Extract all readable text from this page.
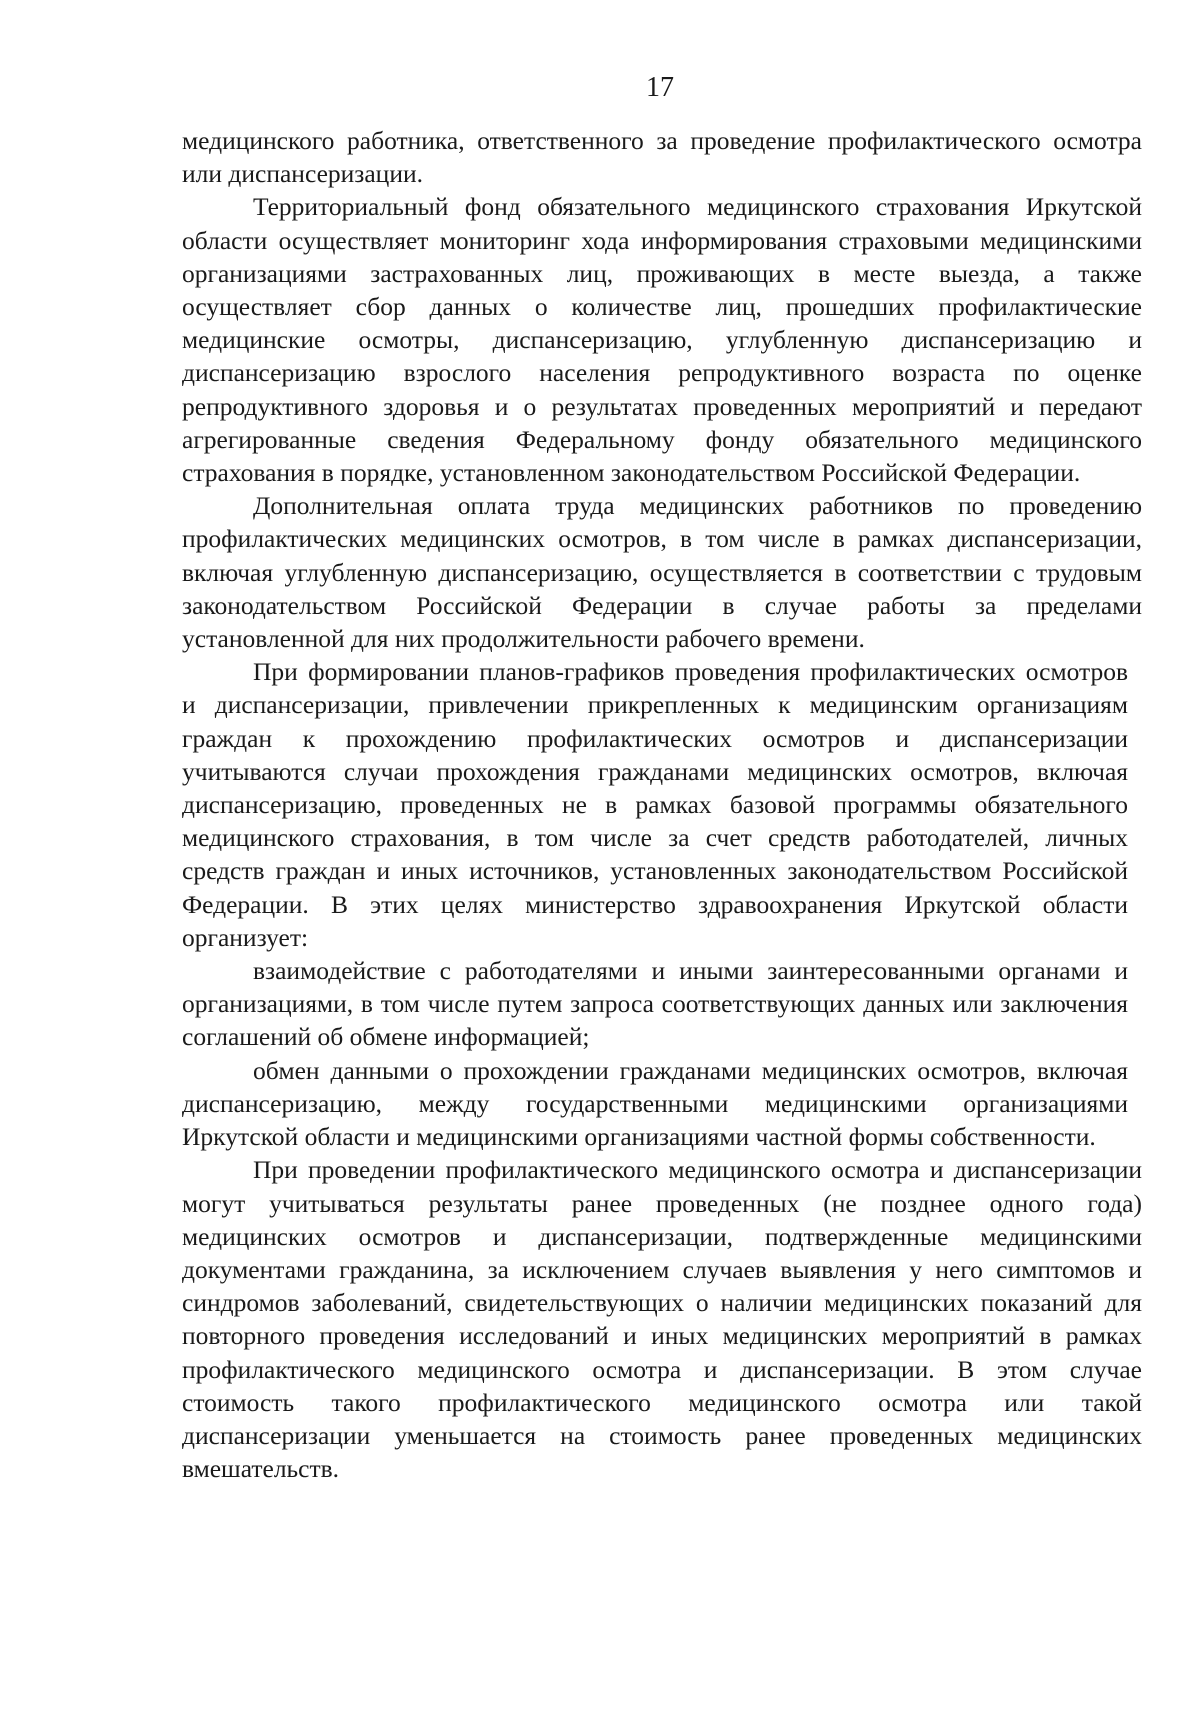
17

медицинского работника, ответственного за проведение профилактического осмотра или диспансеризации.

Территориальный фонд обязательного медицинского страхования Иркутской области осуществляет мониторинг хода информирования страховыми медицинскими организациями застрахованных лиц, проживающих в месте выезда, а также осуществляет сбор данных о количестве лиц, прошедших профилактические медицинские осмотры, диспансеризацию, углубленную диспансеризацию и диспансеризацию взрослого населения репродуктивного возраста по оценке репродуктивного здоровья и о результатах проведенных мероприятий и передают агрегированные сведения Федеральному фонду обязательного медицинского страхования в порядке, установленном законодательством Российской Федерации.

Дополнительная оплата труда медицинских работников по проведению профилактических медицинских осмотров, в том числе в рамках диспансеризации, включая углубленную диспансеризацию, осуществляется в соответствии с трудовым законодательством Российской Федерации в случае работы за пределами установленной для них продолжительности рабочего времени.

При формировании планов-графиков проведения профилактических осмотров и диспансеризации, привлечении прикрепленных к медицинским организациям граждан к прохождению профилактических осмотров и диспансеризации учитываются случаи прохождения гражданами медицинских осмотров, включая диспансеризацию, проведенных не в рамках базовой программы обязательного медицинского страхования, в том числе за счет средств работодателей, личных средств граждан и иных источников, установленных законодательством Российской Федерации. В этих целях министерство здравоохранения Иркутской области организует:

взаимодействие с работодателями и иными заинтересованными органами и организациями, в том числе путем запроса соответствующих данных или заключения соглашений об обмене информацией;

обмен данными о прохождении гражданами медицинских осмотров, включая диспансеризацию, между государственными медицинскими организациями Иркутской области и медицинскими организациями частной формы собственности.

При проведении профилактического медицинского осмотра и диспансеризации могут учитываться результаты ранее проведенных (не позднее одного года) медицинских осмотров и диспансеризации, подтвержденные медицинскими документами гражданина, за исключением случаев выявления у него симптомов и синдромов заболеваний, свидетельствующих о наличии медицинских показаний для повторного проведения исследований и иных медицинских мероприятий в рамках профилактического медицинского осмотра и диспансеризации. В этом случае стоимость такого профилактического медицинского осмотра или такой диспансеризации уменьшается на стоимость ранее проведенных медицинских вмешательств.
